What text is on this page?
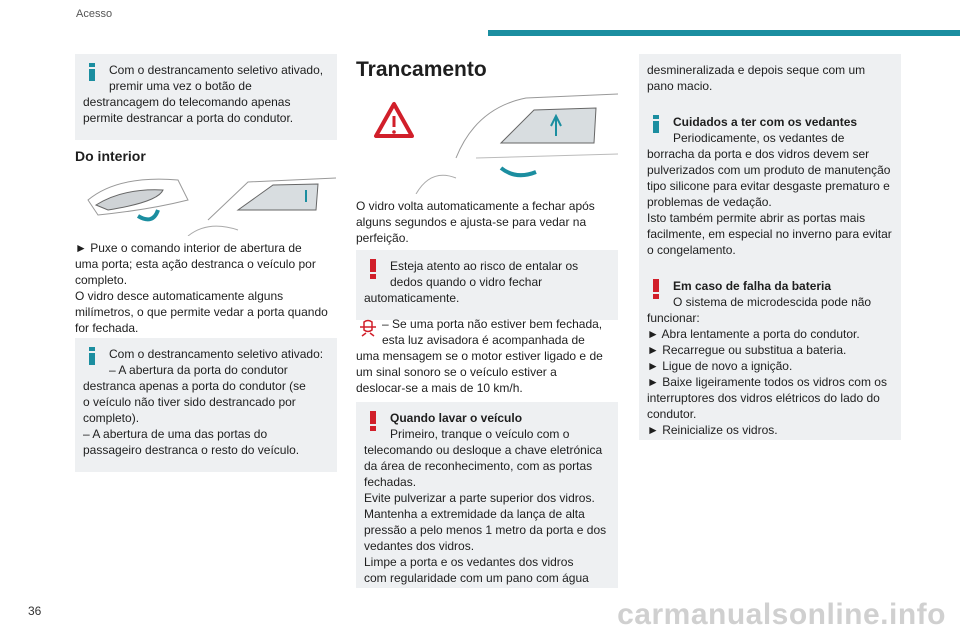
Acesso
Com o destrancamento seletivo ativado,
premir uma vez o botão de
destrancagem do telecomando apenas
permite destrancar a porta do condutor.
Do interior
► Puxe o comando interior de abertura de
uma porta; esta ação destranca o veículo por
completo.
O vidro desce automaticamente alguns
milímetros, o que permite vedar a porta quando
for fechada.
Com o destrancamento seletivo ativado:
– A abertura da porta do condutor
destranca apenas a porta do condutor (se
o veículo não tiver sido destrancado por
completo).
– A abertura de uma das portas do
passageiro destranca o resto do veículo.
Trancamento
O vidro volta automaticamente a fechar após
alguns segundos e ajusta-se para vedar na
perfeição.
Esteja atento ao risco de entalar os
dedos quando o vidro fechar
automaticamente.
– Se uma porta não estiver bem fechada,
esta luz avisadora é acompanhada de
uma mensagem se o motor estiver ligado e de
um sinal sonoro se o veículo estiver a
deslocar-se a mais de 10 km/h.
Quando lavar o veículo
Primeiro, tranque o veículo com o
telecomando ou desloque a chave eletrónica
da área de reconhecimento, com as portas
fechadas.
Evite pulverizar a parte superior dos vidros.
Mantenha a extremidade da lança de alta
pressão a pelo menos 1 metro da porta e dos
vedantes dos vidros.
Limpe a porta e os vedantes dos vidros
com regularidade com um pano com água
desmineralizada e depois seque com um
pano macio.
Cuidados a ter com os vedantes
Periodicamente, os vedantes de
borracha da porta e dos vidros devem ser
pulverizados com um produto de manutenção
tipo silicone para evitar desgaste prematuro e
problemas de vedação.
Isto também permite abrir as portas mais
facilmente, em especial no inverno para evitar
o congelamento.
Em caso de falha da bateria
O sistema de microdescida pode não
funcionar:
► Abra lentamente a porta do condutor.
► Recarregue ou substitua a bateria.
► Ligue de novo a ignição.
► Baixe ligeiramente todos os vidros com os
interruptores dos vidros elétricos do lado do
condutor.
► Reinicialize os vidros.
36	carmanualsonline.info
